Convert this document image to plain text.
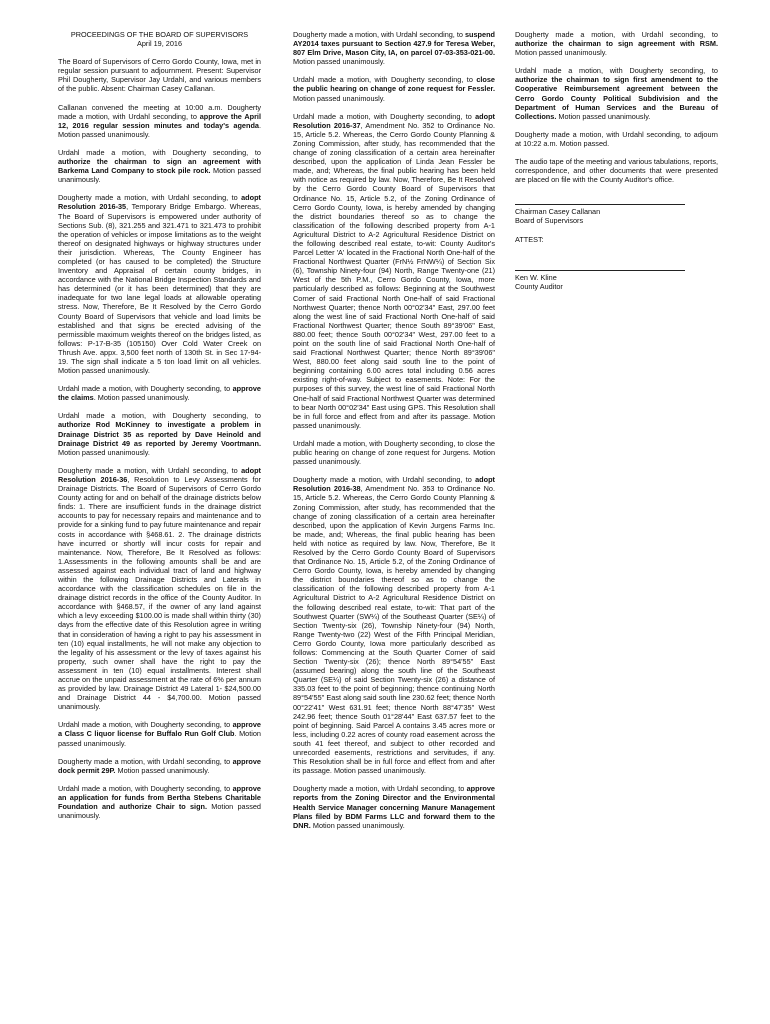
PROCEEDINGS OF THE BOARD OF SUPERVISORS
April 19, 2016

The Board of Supervisors of Cerro Gordo County, Iowa, met in regular session pursuant to adjournment. Present: Supervisor Phil Dougherty, Supervisor Jay Urdahl, and various members of the public. Absent: Chairman Casey Callanan.

Callanan convened the meeting at 10:00 a.m. Dougherty made a motion, with Urdahl seconding, to approve the April 12, 2016 regular session minutes and today's agenda. Motion passed unanimously.

Urdahl made a motion, with Dougherty seconding, to authorize the chairman to sign an agreement with Barkema Land Company to stock pile rock. Motion passed unanimously.

Dougherty made a motion, with Urdahl seconding, to adopt Resolution 2016-35, Temporary Bridge Embargo. Whereas, The Board of Supervisors is empowered under authority of Sections Sub. (8), 321.255 and 321.471 to 321.473 to prohibit the operation of vehicles or impose limitations as to the weight thereof on designated highways or highway structures under their jurisdiction. Whereas, The County Engineer has completed (or has caused to be completed) the Structure Inventory and Appraisal of certain county bridges, in accordance with the National Bridge Inspection Standards and has determined (or it has been determined) that they are inadequate for two lane legal loads at allowable operating stress. Now, Therefore, Be It Resolved by the Cerro Gordo County Board of Supervisors that vehicle and load limits be established and that signs be erected advising of the permissible maximum weights thereof on the bridges listed, as follows: P-17-B-35 (105150) Over Cold Water Creek on Thrush Ave. appx. 3,500 feet north of 130th St. in Sec 17-94-19. The sign shall indicate a 5 ton load limit on all vehicles. Motion passed unanimously.

Urdahl made a motion, with Dougherty seconding, to approve the claims. Motion passed unanimously.

Urdahl made a motion, with Dougherty seconding, to authorize Rod McKinney to investigate a problem in Drainage District 35 as reported by Dave Heinold and Drainage District 49 as reported by Jeremy Voortmann. Motion passed unanimously.

Dougherty made a motion, with Urdahl seconding, to adopt Resolution 2016-36, Resolution to Levy Assessments for Drainage Districts. The Board of Supervisors of Cerro Gordo County acting for and on behalf of the drainage districts below finds: 1. There are insufficient funds in the drainage district accounts to pay for necessary repairs and maintenance and to provide for a sinking fund to pay future maintenance and repair costs in accordance with §468.61. 2. The drainage districts have incurred or shortly will incur costs for repair and maintenance. Now, Therefore, Be It Resolved as follows: 1.Assessments in the following amounts shall be and are assessed against each individual tract of land and highway within the following Drainage Districts and Laterals in accordance with the classification schedules on file in the drainage district records in the office of the County Auditor. In accordance with §468.57, if the owner of any land against which a levy exceeding $100.00 is made shall within thirty (30) days from the effective date of this Resolution agree in writing that in consideration of having a right to pay his assessment in ten (10) equal installments, he will not make any objection to the legality of his assessment or the levy of taxes against his property, such owner shall have the right to pay the assessment in ten (10) equal installments. Interest shall accrue on the unpaid assessment at the rate of 6% per annum as provided by law. Drainage District 49 Lateral 1- $24,500.00 and Drainage District 44 - $4,700.00. Motion passed unanimously.

Urdahl made a motion, with Dougherty seconding, to approve a Class C liquor license for Buffalo Run Golf Club. Motion passed unanimously.

Dougherty made a motion, with Urdahl seconding, to approve dock permit 29P. Motion passed unanimously.

Urdahl made a motion, with Dougherty seconding, to approve an application for funds from Bertha Stebens Charitable Foundation and authorize Chair to sign. Motion passed unanimously.

Dougherty made a motion, with Urdahl seconding, to suspend AY2014 taxes pursuant to Section 427.9 for Teresa Weber, 807 Elm Drive, Mason City, IA, on parcel 07-03-353-021-00. Motion passed unanimously.

Urdahl made a motion, with Dougherty seconding, to close the public hearing on change of zone request for Fessler. Motion passed unanimously.

Urdahl made a motion, with Dougherty seconding, to adopt Resolution 2016-37, Amendment No. 352 to Ordinance No. 15, Article 5.2. Whereas, the Cerro Gordo County Planning & Zoning Commission, after study, has recommended that the change of zoning classification of a certain area hereinafter described, upon the application of Linda Jean Fessler be made, and; Whereas, the final public hearing has been held with notice as required by law. Now, Therefore, Be It Resolved by the Cerro Gordo County Board of Supervisors that Ordinance No. 15, Article 5.2, of the Zoning Ordinance of Cerro Gordo County, Iowa, is hereby amended by changing the district boundaries thereof so as to change the classification of the following described property from A-1 Agricultural District to A-2 Agricultural Residence District on the following described real estate, to-wit: County Auditor's Parcel Letter 'A' located in the Fractional North One-half of the Fractional Northwest Quarter (FrN½ FrNW¼) of Section Six (6), Township Ninety-four (94) North, Range Twenty-one (21) West of the 5th P.M., Cerro Gordo County, Iowa, more particularly described as follows: Beginning at the Southwest Corner of said Fractional North One-half of said Fractional Northwest Quarter; thence North 00°02'34" East, 297.00 feet along the west line of said Fractional North One-half of said Fractional Northwest Quarter; thence South 89°39'06" East, 880.00 feet; thence South 00°02'34" West, 297.00 feet to a point on the south line of said Fractional North One-half of said Fractional Northwest Quarter; thence North 89°39'06" West, 880.00 feet along said south line to the point of beginning containing 6.00 acres total including 0.56 acres existing right-of-way. Subject to easements. Note: For the purposes of this survey, the west line of said Fractional North One-half of said Fractional Northwest Quarter was determined to bear North 00°02'34" East using GPS. This Resolution shall be in full force and effect from and after its passage. Motion passed unanimously.

Urdahl made a motion, with Dougherty seconding, to close the public hearing on change of zone request for Jurgens. Motion passed unanimously.

Dougherty made a motion, with Urdahl seconding, to adopt Resolution 2016-38, Amendment No. 353 to Ordinance No. 15, Article 5.2. Whereas, the Cerro Gordo County Planning & Zoning Commission, after study, has recommended that the change of zoning classification of a certain area hereinafter described, upon the application of Kevin Jurgens Farms Inc. be made, and; Whereas, the final public hearing has been held with notice as required by law. Now, Therefore, Be It Resolved by the Cerro Gordo County Board of Supervisors that Ordinance No. 15, Article 5.2, of the Zoning Ordinance of Cerro Gordo County, Iowa, is hereby amended by changing the district boundaries thereof so as to change the classification of the following described property from A-1 Agricultural District to A-2 Agricultural Residence District on the following described real estate, to-wit: That part of the Southwest Quarter (SW¼) of the Southeast Quarter (SE¼) of Section Twenty-six (26), Township Ninety-four (94) North, Range Twenty-two (22) West of the Fifth Principal Meridian, Cerro Gordo County, Iowa more particularly described as follows: Commencing at the South Quarter Corner of said Section Twenty-six (26); thence North 89°54'55" East (assumed bearing) along the south line of the Southeast Quarter (SE¼) of said Section Twenty-six (26) a distance of 335.03 feet to the point of beginning; thence continuing North 89°54'55" East along said south line 230.62 feet; thence North 00°22'41" West 631.91 feet; thence North 88°47'35" West 242.96 feet; thence South 01°28'44" East 637.57 feet to the point of beginning. Said Parcel A contains 3.45 acres more or less, including 0.22 acres of county road easement across the south 41 feet thereof, and subject to other recorded and unrecorded easements, restrictions and servitudes, if any. This Resolution shall be in full force and effect from and after its passage. Motion passed unanimously.

Dougherty made a motion, with Urdahl seconding, to approve reports from the Zoning Director and the Environmental Health Service Manager concerning Manure Management Plans filed by BDM Farms LLC and forward them to the DNR. Motion passed unanimously.

Dougherty made a motion, with Urdahl seconding, to authorize the chairman to sign agreement with RSM. Motion passed unanimously.

Urdahl made a motion, with Dougherty seconding, to authorize the chairman to sign first amendment to the Cooperative Reimbursement agreement between the Cerro Gordo County Political Subdivision and the Department of Human Services and the Bureau of Collections. Motion passed unanimously.

Dougherty made a motion, with Urdahl seconding, to adjourn at 10:22 a.m. Motion passed.

The audio tape of the meeting and various tabulations, reports, correspondence, and other documents that were presented are placed on file with the County Auditor's office.

Chairman Casey Callanan

Board of Supervisors

ATTEST:

Ken W. Kline

County Auditor
